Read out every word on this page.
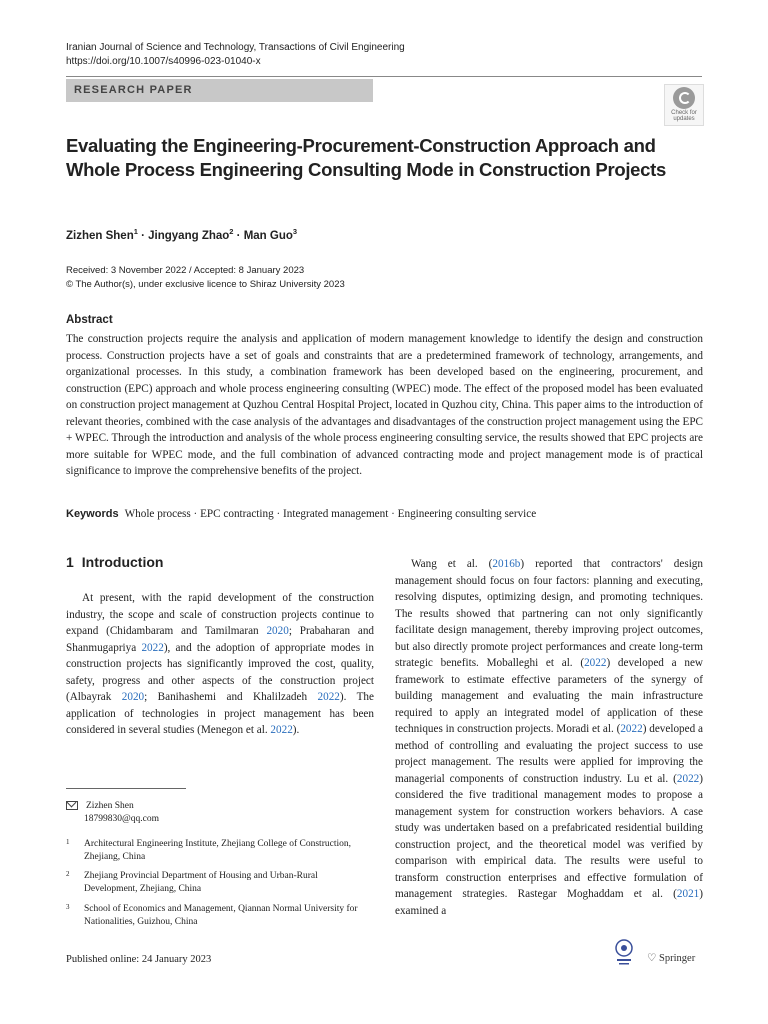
Iranian Journal of Science and Technology, Transactions of Civil Engineering
https://doi.org/10.1007/s40996-023-01040-x
RESEARCH PAPER
Check for updates
Evaluating the Engineering-Procurement-Construction Approach and Whole Process Engineering Consulting Mode in Construction Projects
Zizhen Shen$^1$ · Jingyang Zhao$^2$ · Man Guo$^3$
Received: 3 November 2022 / Accepted: 8 January 2023
© The Author(s), under exclusive licence to Shiraz University 2023
Abstract
The construction projects require the analysis and application of modern management knowledge to identify the design and construction process. Construction projects have a set of goals and constraints that are a predetermined framework of technology, arrangements, and organizational processes. In this study, a combination framework has been developed based on the engineering, procurement, and construction (EPC) approach and whole process engineering consulting (WPEC) mode. The effect of the proposed model has been evaluated on construction project management at Quzhou Central Hospital Project, located in Quzhou city, China. This paper aims to the introduction of relevant theories, combined with the case analysis of the advantages and disadvantages of the construction project management using the EPC + WPEC. Through the introduction and analysis of the whole process engineering consulting service, the results showed that EPC projects are more suitable for WPEC mode, and the full combination of advanced contracting mode and project management mode is of practical significance to improve the comprehensive benefits of the project.
Keywords Whole process · EPC contracting · Integrated management · Engineering consulting service
1 Introduction
At present, with the rapid development of the construction industry, the scope and scale of construction projects continue to expand (Chidambaram and Tamilmaran 2020; Prabaharan and Shanmugapriya 2022), and the adoption of appropriate modes in construction projects has significantly improved the cost, quality, safety, progress and other aspects of the construction project (Albayrak 2020; Banihashemi and Khalilzadeh 2022). The application of technologies in project management has been considered in several studies (Menegon et al. 2022).
Wang et al. (2016b) reported that contractors' design management should focus on four factors: planning and executing, resolving disputes, optimizing design, and promoting techniques. The results showed that partnering can not only significantly facilitate design management, thereby improving project outcomes, but also directly promote project performances and create long-term strategic benefits. Moballeghi et al. (2022) developed a new framework to estimate effective parameters of the synergy of building management and evaluating the main infrastructure required to apply an integrated model of application of these techniques in construction projects. Moradi et al. (2022) developed a method of controlling and evaluating the project success to use project management. The results were applied for improving the managerial components of construction industry. Lu et al. (2022) considered the five traditional management modes to propose a management system for construction workers behaviors. A case study was undertaken based on a prefabricated residential building construction project, and the theoretical model was verified by comparison with empirical data. The results were useful to transform construction enterprises and effective formulation of management strategies. Rastegar Moghaddam et al. (2021) examined a
Zizhen Shen
18799830@qq.com
1 Architectural Engineering Institute, Zhejiang College of Construction, Zhejiang, China
2 Zhejiang Provincial Department of Housing and Urban-Rural Development, Zhejiang, China
3 School of Economics and Management, Qiannan Normal University for Nationalities, Guizhou, China
Published online: 24 January 2023	♡ Springer
